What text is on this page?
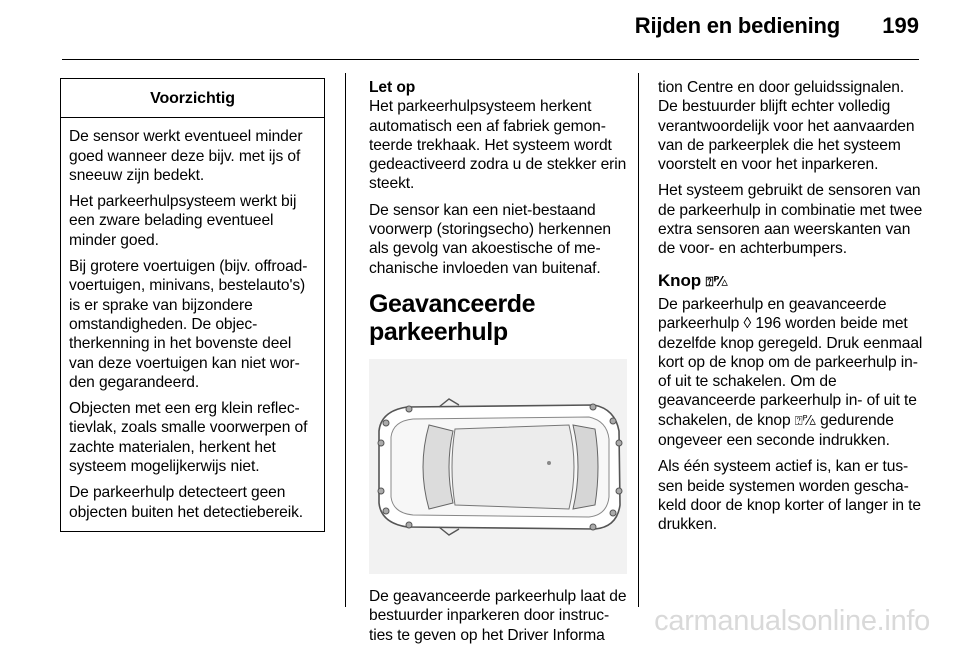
Rijden en bediening 199
Voorzichtig

De sensor werkt eventueel minder goed wanneer deze bijv. met ijs of sneeuw zijn bedekt.

Het parkeerhulpsysteem werkt bij een zware belading eventueel minder goed.

Bij grotere voertuigen (bijv. offroad-voertuigen, minivans, bestelauto's) is er sprake van bijzondere omstandigheden. De objectherkenning in het bovenste deel van deze voertuigen kan niet worden gegarandeerd.

Objecten met een erg klein reflectievlak, zoals smalle voorwerpen of zachte materialen, herkent het systeem mogelijkerwijs niet.

De parkeerhulp detecteert geen objecten buiten het detectiebereik.

Let op

Het parkeerhulpsysteem herkent automatisch een af fabriek gemonteerde trekhaak. Het systeem wordt gedeactiveerd zodra u de stekker erin steekt.

De sensor kan een niet-bestaand voorwerp (storingsecho) herkennen als gevolg van akoestische of mechanische invloeden van buitenaf.

Geavanceerde
parkeerhulp

De geavanceerde parkeerhulp laat de bestuurder inparkeren door instructies te geven op het Driver Informa

tion Centre en door geluidssignalen. De bestuurder blijft echter volledig verantwoordelijk voor het aanvaarden van de parkeerplek die het systeem voorstelt en voor het inparkeren.

Het systeem gebruikt de sensoren van de parkeerhulp in combinatie met twee extra sensoren aan weerskanten van de voor- en achterbumpers.

Knop ⍰ᴾ⁄▵

De parkeerhulp en geavanceerde parkeerhulp ◊ 196 worden beide met dezelfde knop geregeld. Druk eenmaal kort op de knop om de parkeerhulp in- of uit te schakelen. Om de geavanceerde parkeerhulp in- of uit te schakelen, de knop ⍰ᴾ⁄▵ gedurende ongeveer een seconde indrukken.

Als één systeem actief is, kan er tussen beide systemen worden geschakeld door de knop korter of langer in te drukken.

carmanualsonline.info
